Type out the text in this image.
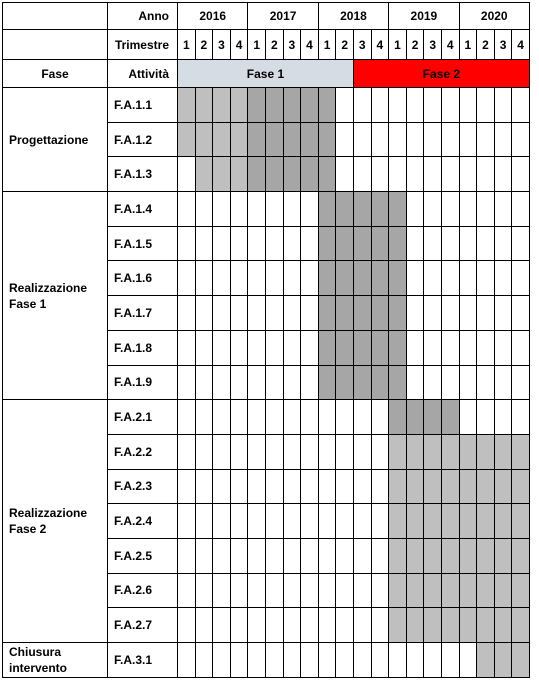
	Anno	2016				2017				2018				2019				2020			
	Trimestre	1	2	3	4	1	2	3	4	1	2	3	4	1	2	3	4	1	2	3	4
Fase	Attività	Fase 1										Fase 2									
Progettazione	F.A.1.1																				
	F.A.1.2																				
	F.A.1.3																				
Realizzazione Fase 1	F.A.1.4																				
	F.A.1.5																				
	F.A.1.6																				
	F.A.1.7																				
	F.A.1.8																				
	F.A.1.9																				
Realizzazione Fase 2	F.A.2.1																				
	F.A.2.2																				
	F.A.2.3																				
	F.A.2.4																				
	F.A.2.5																				
	F.A.2.6																				
	F.A.2.7																				
Chiusura intervento	F.A.3.1																				
